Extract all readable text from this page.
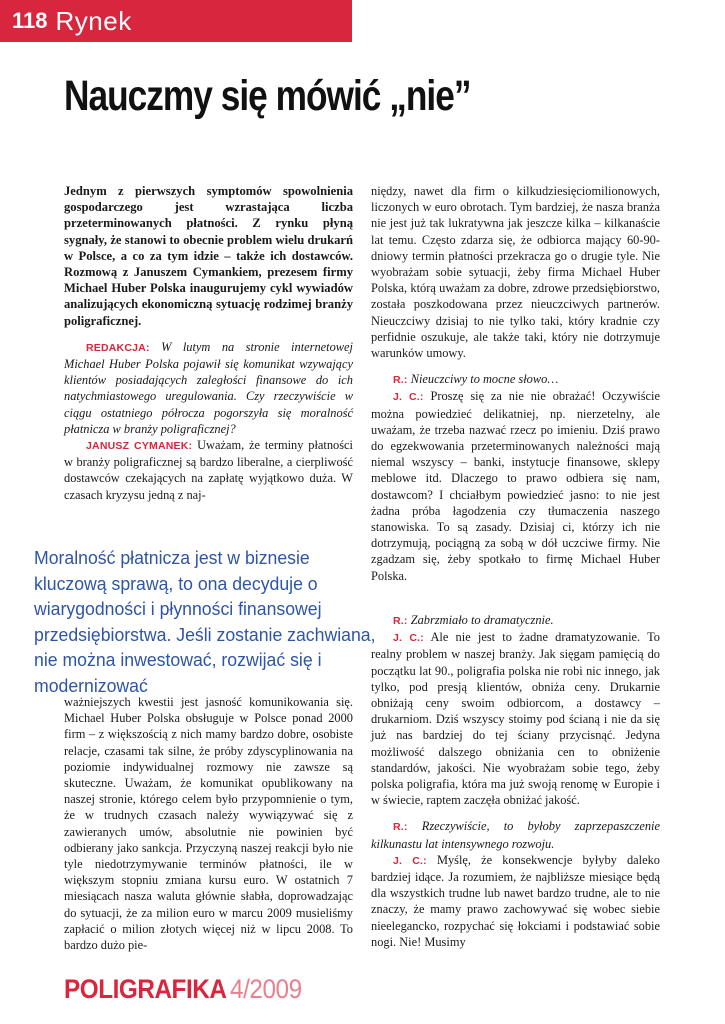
118 Rynek
Nauczmy się mówić „nie”

Jednym z pierwszych symptomów spowolnienia gospodarczego jest wzrastająca liczba przeterminowanych płatności. Z rynku płyną sygnały, że stanowi to obecnie problem wielu drukarń w Polsce, a co za tym idzie – także ich dostawców. Rozmową z Januszem Cymankiem, prezesem firmy Michael Huber Polska inaugurujemy cykl wywiadów analizujących ekonomiczną sytuację rodzimej branży poligraficznej.

REDAKCJA: W lutym na stronie internetowej Michael Huber Polska pojawił się komunikat wzywający klientów posiadających zaległości finansowe do ich natychmiastowego uregulowania. Czy rzeczywiście w ciągu ostatniego półrocza pogorszyła się moralność płatnicza w branży poligraficznej?

JANUSZ CYMANEK: Uważam, że terminy płatności w branży poligraficznej są bardzo liberalne, a cierpliwość dostawców czekających na zapłatę wyjątkowo duża. W czasach kryzysu jedną z naj-

Moralność płatnicza jest w biznesie kluczową sprawą, to ona decyduje o wiarygodności i płynności finansowej przedsiębiorstwa. Jeśli zostanie zachwiana, nie można inwestować, rozwijać się i modernizować

ważniejszych kwestii jest jasność komunikowania się. Michael Huber Polska obsługuje w Polsce ponad 2000 firm – z większością z nich mamy bardzo dobre, osobiste relacje, czasami tak silne, że próby zdyscyplinowania na poziomie indywidualnej rozmowy nie zawsze są skuteczne. Uważam, że komunikat opublikowany na naszej stronie, którego celem było przypomnienie o tym, że w trudnych czasach należy wywiązywać się z zawieranych umów, absolutnie nie powinien być odbierany jako sankcja. Przyczyną naszej reakcji było nie tyle niedotrzymywanie terminów płatności, ile w większym stopniu zmiana kursu euro. W ostatnich 7 miesiącach nasza waluta głównie słabła, doprowadzając do sytuacji, że za milion euro w marcu 2009 musieliśmy zapłacić o milion złotych więcej niż w lipcu 2008. To bardzo dużo pie-

niędzy, nawet dla firm o kilkudziesięciomilionowych, liczonych w euro obrotach. Tym bardziej, że nasza branża nie jest już tak lukratywna jak jeszcze kilka – kilkanaście lat temu. Często zdarza się, że odbiorca mający 60-90-dniowy termin płatności przekracza go o drugie tyle. Nie wyobrażam sobie sytuacji, żeby firma Michael Huber Polska, którą uważam za dobre, zdrowe przedsiębiorstwo, została poszkodowana przez nieuczciwych partnerów. Nieuczciwy dzisiaj to nie tylko taki, który kradnie czy perfidnie oszukuje, ale także taki, który nie dotrzymuje warunków umowy.

R.: Nieuczciwy to mocne słowo…

J. C.: Proszę się za nie nie obrażać! Oczywiście można powiedzieć delikatniej, np. nierzetelny, ale uważam, że trzeba nazwać rzecz po imieniu. Dziś prawo do egzekwowania przeterminowanych należności mają niemal wszyscy – banki, instytucje finansowe, sklepy meblowe itd. Dlaczego to prawo odbiera się nam, dostawcom? I chciałbym powiedzieć jasno: to nie jest żadna próba łagodzenia czy tłumaczenia naszego stanowiska. To są zasady. Dzisiaj ci, którzy ich nie dotrzymują, pociągną za sobą w dół uczciwe firmy. Nie zgadzam się, żeby spotkało to firmę Michael Huber Polska.

R.: Zabrzmiało to dramatycznie.

J. C.: Ale nie jest to żadne dramatyzowanie. To realny problem w naszej branży. Jak sięgam pamięcią do początku lat 90., poligrafia polska nie robi nic innego, jak tylko, pod presją klientów, obniża ceny. Drukarnie obniżają ceny swoim odbiorcom, a dostawcy – drukarniom. Dziś wszyscy stoimy pod ścianą i nie da się już nas bardziej do tej ściany przycisnąć. Jedyna możliwość dalszego obniżania cen to obniżenie standardów, jakości. Nie wyobrażam sobie tego, żeby polska poligrafia, która ma już swoją renomę w Europie i w świecie, raptem zaczęła obniżać jakość.

R.: Rzeczywiście, to byłoby zaprzepaszczenie kilkunastu lat intensywnego rozwoju.

J. C.: Myślę, że konsekwencje byłyby daleko bardziej idące. Ja rozumiem, że najbliższe miesiące będą dla wszystkich trudne lub nawet bardzo trudne, ale to nie znaczy, że mamy prawo zachowywać się wobec siebie nieelegancko, rozpychać się łokciami i podstawiać sobie nogi. Nie! Musimy

POLIGRAFIKA 4/2009
